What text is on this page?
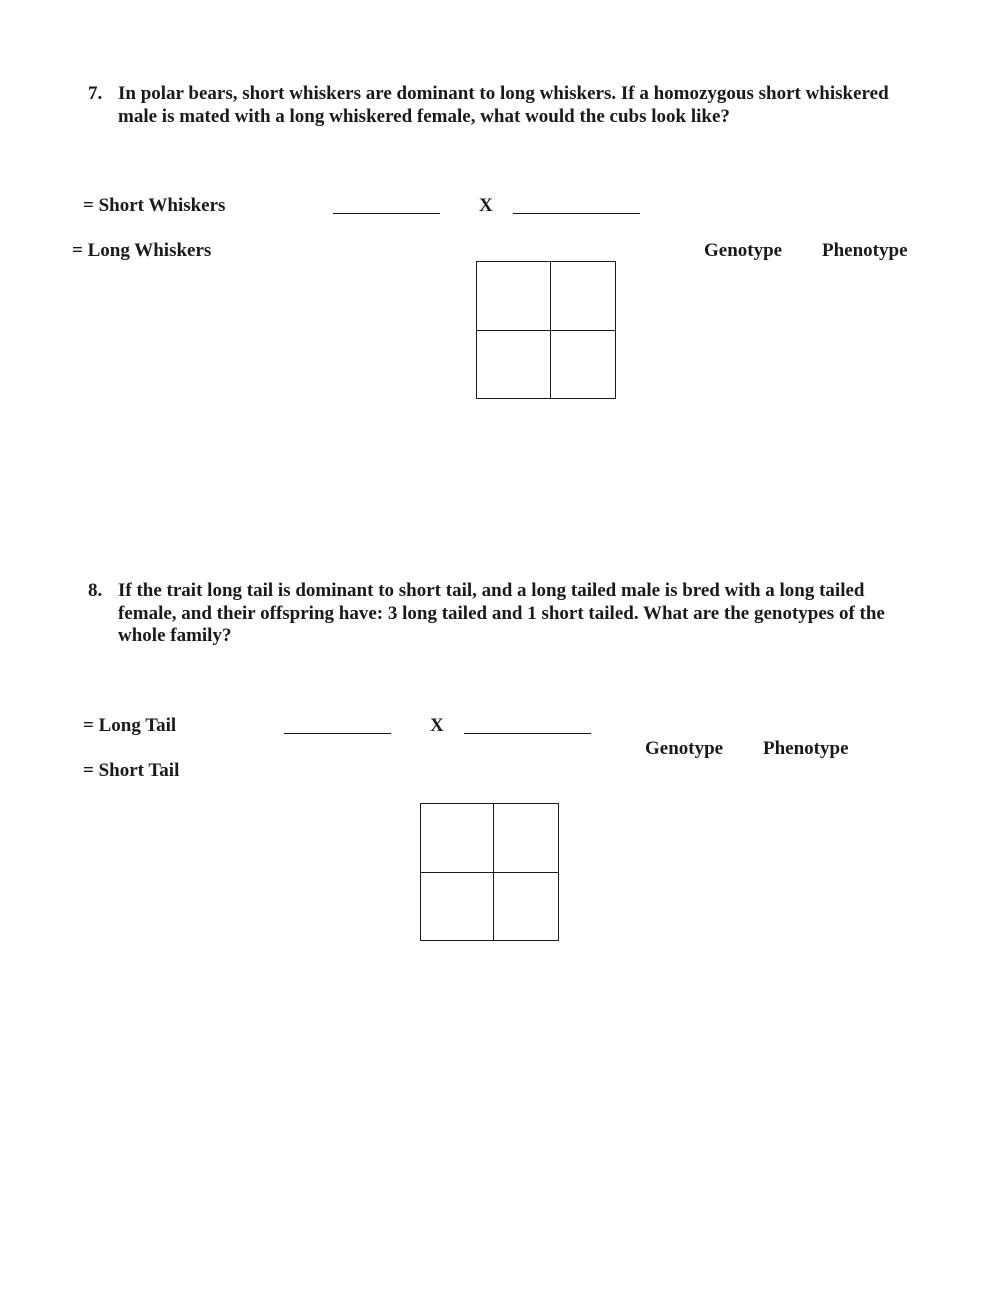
7. In polar bears, short whiskers are dominant to long whiskers. If a homozygous short whiskered
male is mated with a long whiskered female, what would the cubs look like?
= Short Whiskers
= Long Whiskers
X
Genotype Phenotype
8. If the trait long tail is dominant to short tail, and a long tailed male is bred with a long tailed
female, and their offspring have: 3 long tailed and 1 short tailed. What are the genotypes of the
whole family?
= Long Tail
= Short Tail
X
Genotype Phenotype
